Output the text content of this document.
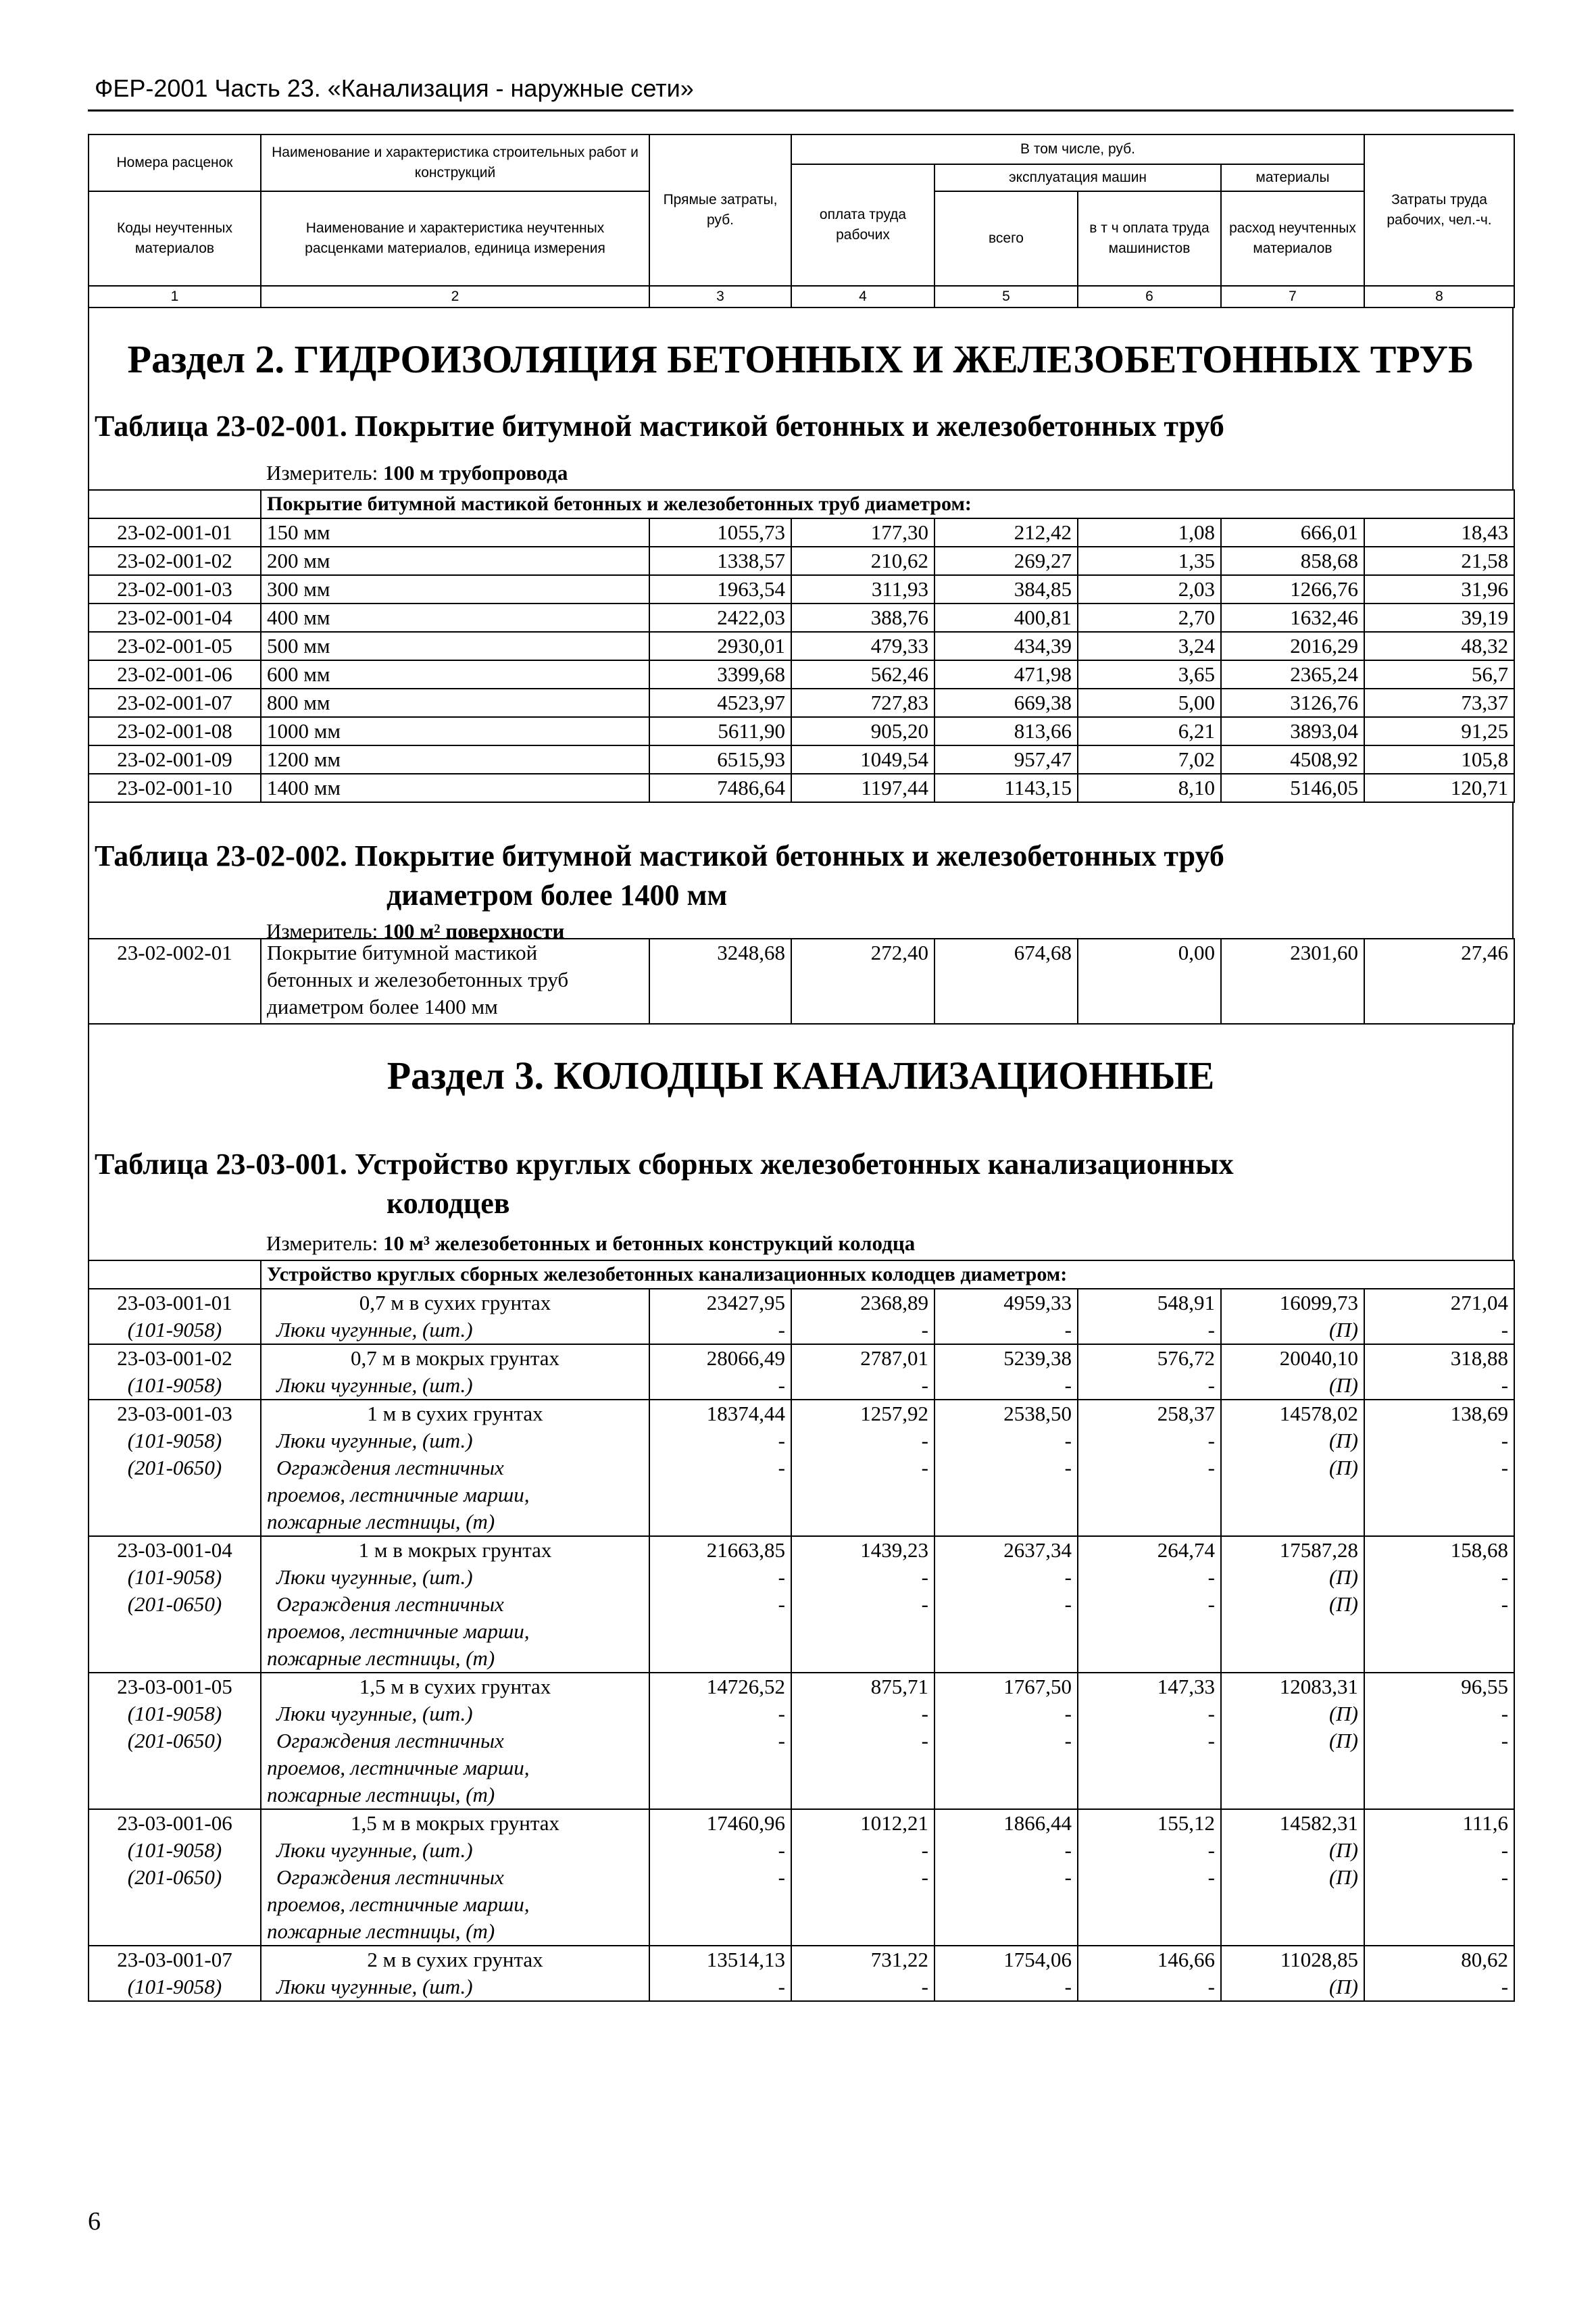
ФЕР-2001 Часть 23. «Канализация - наружные сети»
Номера расценок	Наименование и характеристика строительных работ и конструкций	Прямые затраты, руб.	В том числе, руб.				Затраты труда рабочих, чел.-ч.
			оплата труда рабочих	эксплуатация машин		материалы	
Коды неучтенных материалов	Наименование и характеристика неучтенных расценками материалов, единица измерения			всего	в т ч оплата труда машинистов	расход неучтенных материалов	

1	2	3	4	5	6	7	8
Раздел 2. ГИДРОИЗОЛЯЦИЯ БЕТОННЫХ И ЖЕЛЕЗОБЕТОННЫХ ТРУБ
Таблица 23-02-001. Покрытие битумной мастикой бетонных и железобетонных труб
Измеритель: 100 м трубопровода
	Покрытие битумной мастикой бетонных и железобетонных труб диаметром:						
23-02-001-01	150 мм	1055,73	177,30	212,42	1,08	666,01	18,43
23-02-001-02	200 мм	1338,57	210,62	269,27	1,35	858,68	21,58
23-02-001-03	300 мм	1963,54	311,93	384,85	2,03	1266,76	31,96
23-02-001-04	400 мм	2422,03	388,76	400,81	2,70	1632,46	39,19
23-02-001-05	500 мм	2930,01	479,33	434,39	3,24	2016,29	48,32
23-02-001-06	600 мм	3399,68	562,46	471,98	3,65	2365,24	56,7
23-02-001-07	800 мм	4523,97	727,83	669,38	5,00	3126,76	73,37
23-02-001-08	1000 мм	5611,90	905,20	813,66	6,21	3893,04	91,25
23-02-001-09	1200 мм	6515,93	1049,54	957,47	7,02	4508,92	105,8
23-02-001-10	1400 мм	7486,64	1197,44	1143,15	8,10	5146,05	120,71
Таблица 23-02-002. Покрытие битумной мастикой бетонных и железобетонных труб
диаметром более 1400 мм
Измеритель: 100 м² поверхности
23-02-002-01	Покрытие битумной мастикой
бетонных и железобетонных труб
диаметром более 1400 мм
	3248,68	272,40	674,68	0,00	2301,60	27,46
Раздел 3. КОЛОДЦЫ КАНАЛИЗАЦИОННЫЕ
Таблица 23-03-001. Устройство круглых сборных железобетонных канализационных
колодцев
Измеритель: 10 м³ железобетонных и бетонных конструкций колодца
	Устройство круглых сборных железобетонных канализационных колодцев диаметром:						
23-03-001-01	0,7 м в сухих грунтах	23427,95	2368,89	4959,33	548,91	16099,73	271,04
(101-9058)	Люки чугунные, (шт.)	-	-	-	-	(П)	-
23-03-001-02	0,7 м в мокрых грунтах	28066,49	2787,01	5239,38	576,72	20040,10	318,88
(101-9058)	Люки чугунные, (шт.)	-	-	-	-	(П)	-
23-03-001-03	1 м в сухих грунтах	18374,44	1257,92	2538,50	258,37	14578,02	138,69
(101-9058)	Люки чугунные, (шт.)	-	-	-	-	(П)	-
(201-0650)	Ограждения лестничных	-	-	-	-	(П)	-
	проемов, лестничные марши,						
	пожарные лестницы, (т)						
23-03-001-04	1 м в мокрых грунтах	21663,85	1439,23	2637,34	264,74	17587,28	158,68
(101-9058)	Люки чугунные, (шт.)	-	-	-	-	(П)	-
(201-0650)	Ограждения лестничных	-	-	-	-	(П)	-
	проемов, лестничные марши,						
	пожарные лестницы, (т)						
23-03-001-05	1,5 м в сухих грунтах	14726,52	875,71	1767,50	147,33	12083,31	96,55
(101-9058)	Люки чугунные, (шт.)	-	-	-	-	(П)	-
(201-0650)	Ограждения лестничных	-	-	-	-	(П)	-
	проемов, лестничные марши,						
	пожарные лестницы, (т)						
23-03-001-06	1,5 м в мокрых грунтах	17460,96	1012,21	1866,44	155,12	14582,31	111,6
(101-9058)	Люки чугунные, (шт.)	-	-	-	-	(П)	-
(201-0650)	Ограждения лестничных	-	-	-	-	(П)	-
	проемов, лестничные марши,						
	пожарные лестницы, (т)						
23-03-001-07	2 м в сухих грунтах	13514,13	731,22	1754,06	146,66	11028,85	80,62
(101-9058)	Люки чугунные, (шт.)	-	-	-	-	(П)	-
6
